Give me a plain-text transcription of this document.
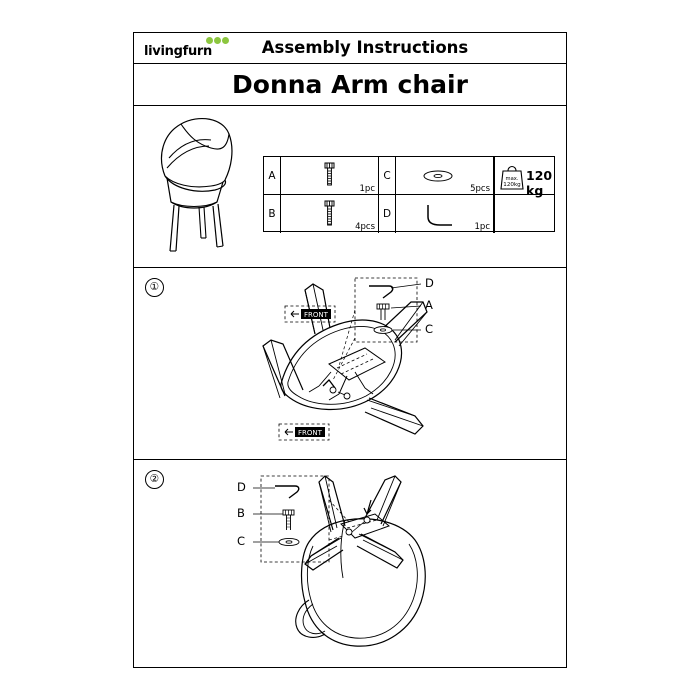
livingfurn	Assembly Instructions
Donna Arm chair
A
1pc
C
5pcs
max.
120kg
120 kg
B
4pcs
D
1pc
①
FRONT
FRONT
D
A
C
②
D
B
C
